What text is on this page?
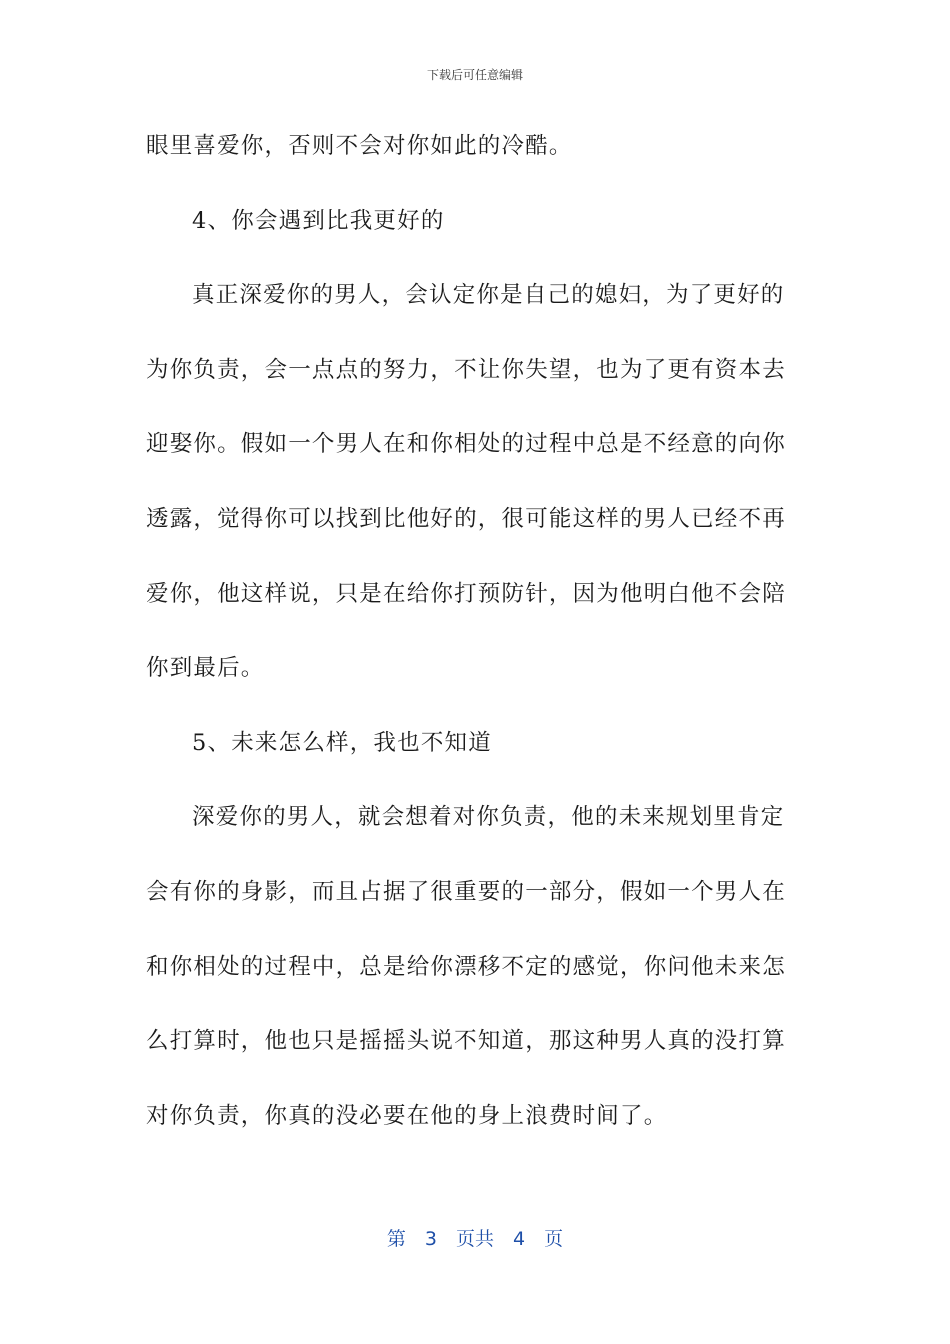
下载后可任意编辑
眼里喜爱你，否则不会对你如此的冷酷。
4、你会遇到比我更好的
真正深爱你的男人，会认定你是自己的媳妇，为了更好的
为你负责，会一点点的努力，不让你失望，也为了更有资本去
迎娶你。假如一个男人在和你相处的过程中总是不经意的向你
透露，觉得你可以找到比他好的，很可能这样的男人已经不再
爱你，他这样说，只是在给你打预防针，因为他明白他不会陪
你到最后。
5、未来怎么样，我也不知道
深爱你的男人，就会想着对你负责，他的未来规划里肯定
会有你的身影，而且占据了很重要的一部分，假如一个男人在
和你相处的过程中，总是给你漂移不定的感觉，你问他未来怎
么打算时，他也只是摇摇头说不知道，那这种男人真的没打算
对你负责，你真的没必要在他的身上浪费时间了。
第　3　页共　4　页
